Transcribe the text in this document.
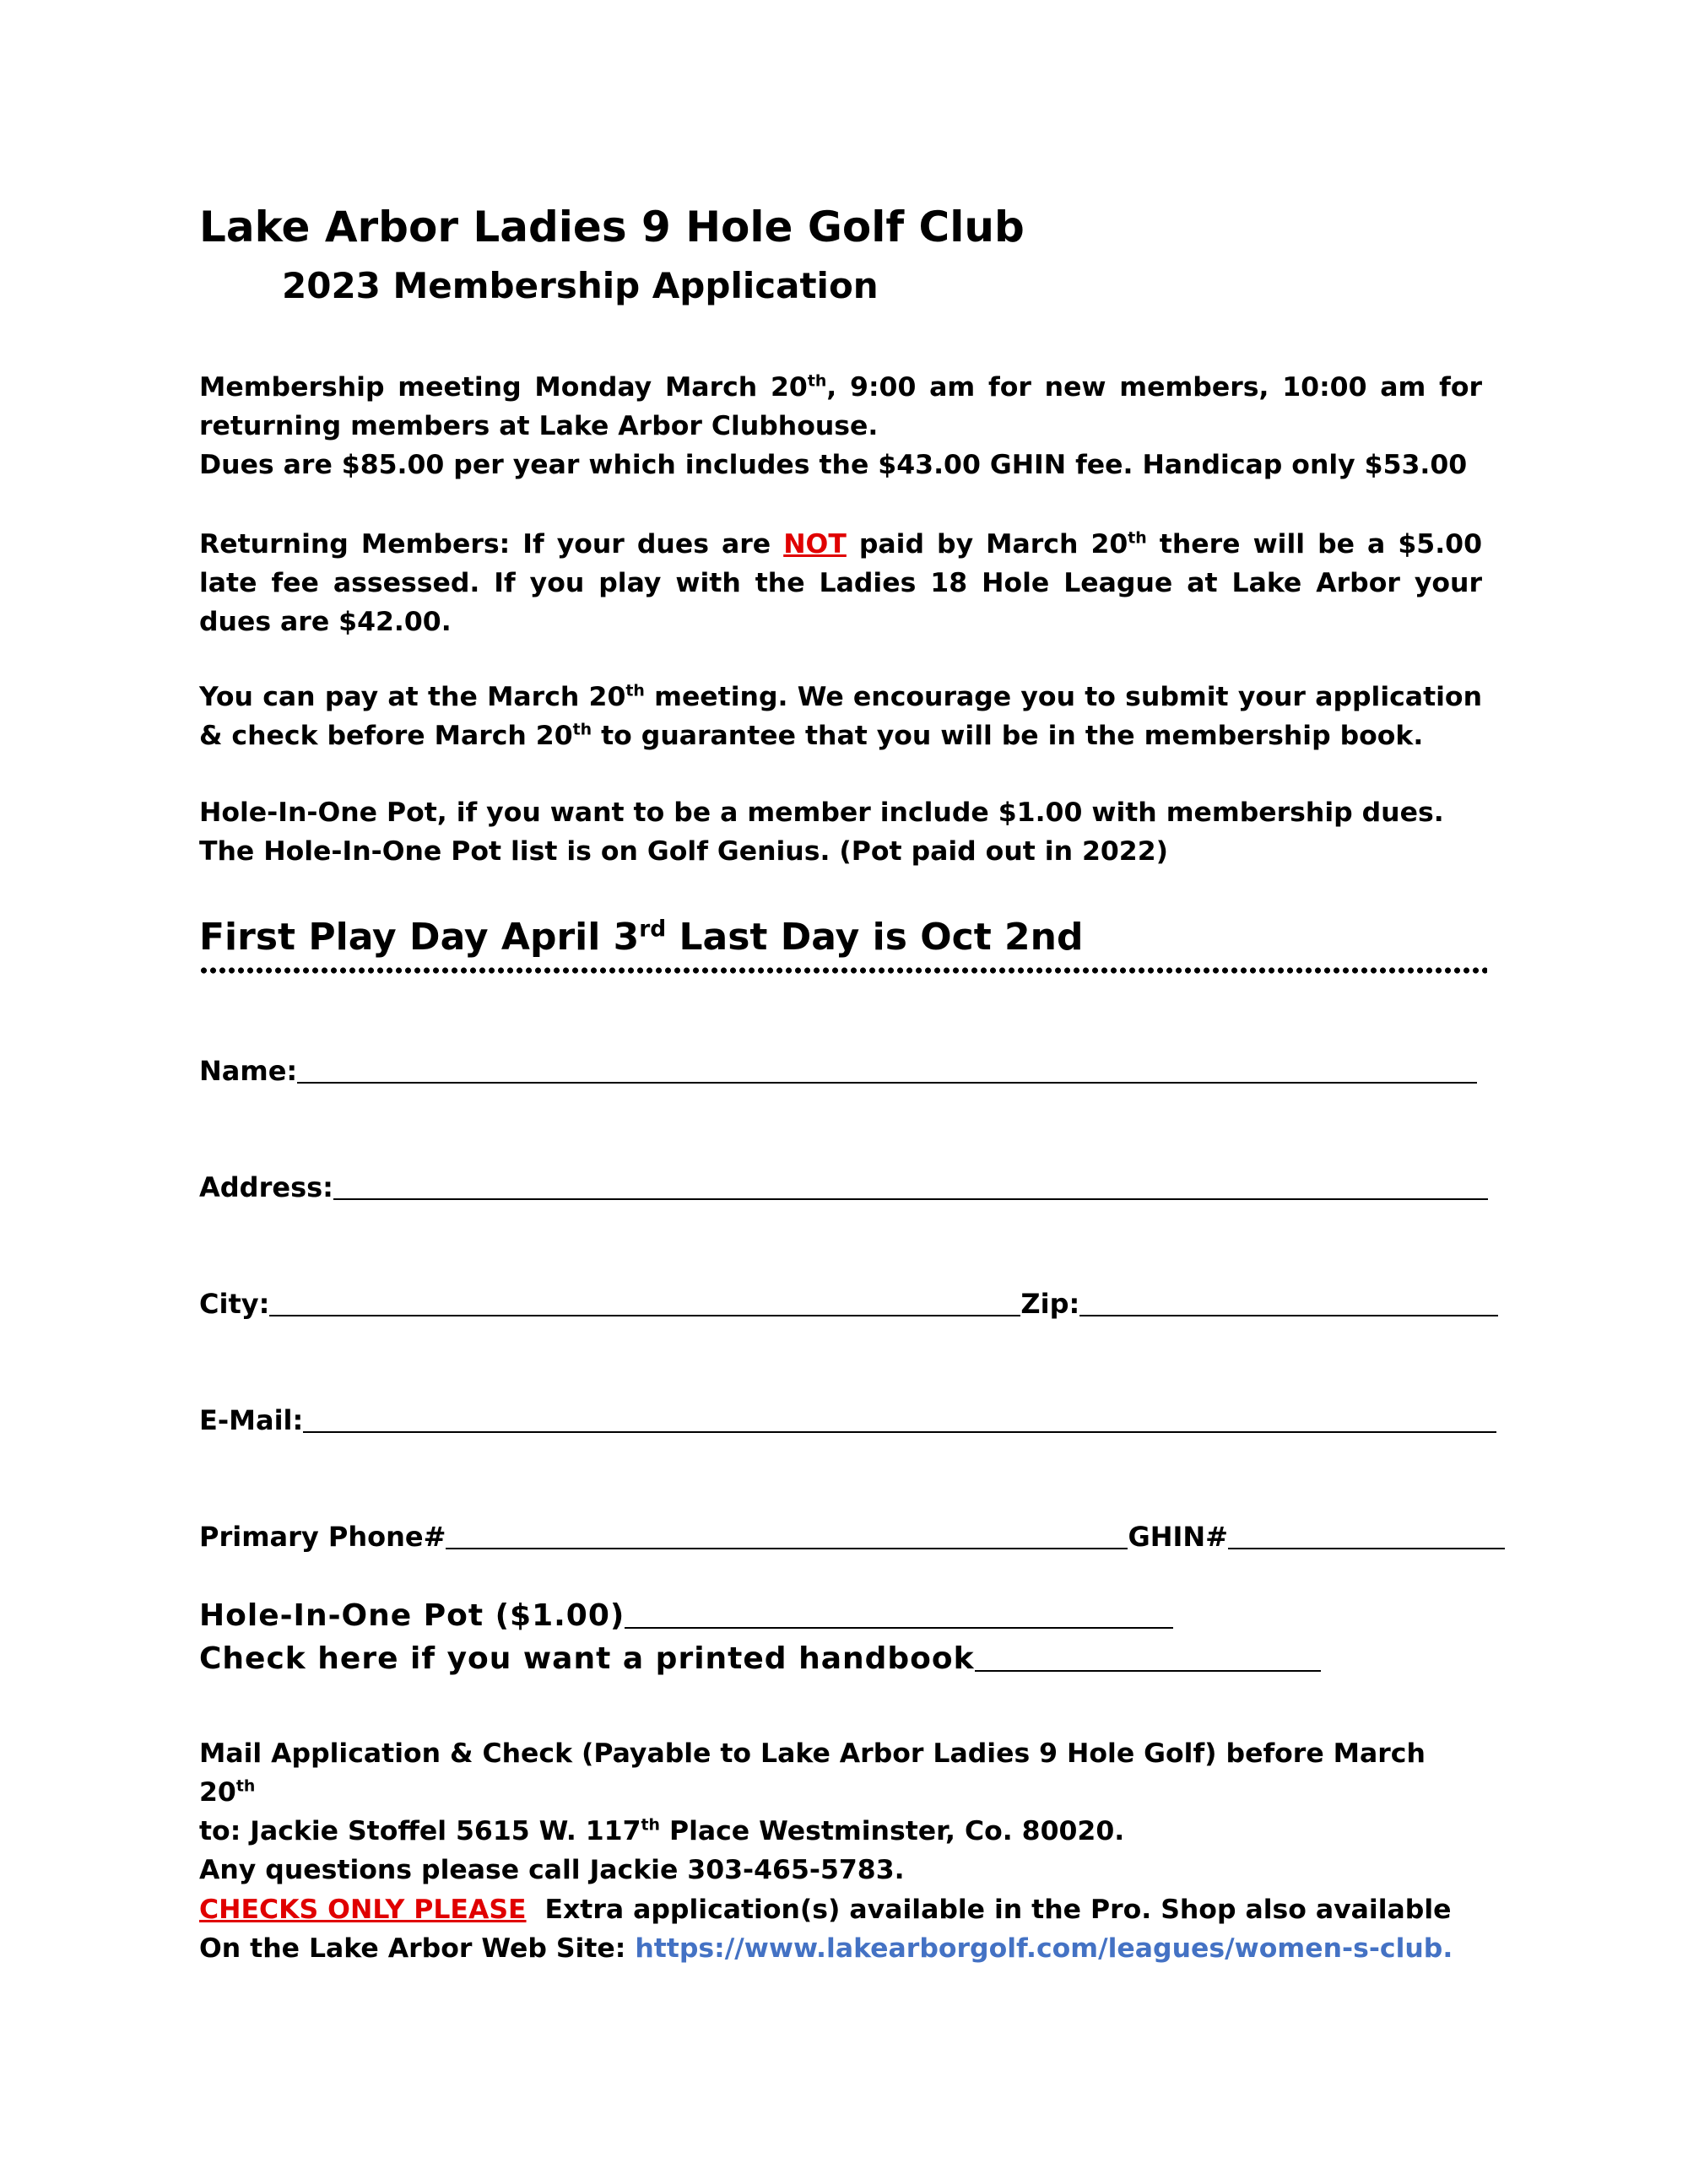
Lake Arbor Ladies 9 Hole Golf Club
2023 Membership Application

Membership meeting Monday March 20th, 9:00 am for new members, 10:00 am for returning members at Lake Arbor Clubhouse.

Dues are $85.00 per year which includes the $43.00 GHIN fee. Handicap only $53.00

Returning Members: If your dues are NOT paid by March 20th there will be a $5.00 late fee assessed. If you play with the Ladies 18 Hole League at Lake Arbor your dues are $42.00.

You can pay at the March 20th meeting. We encourage you to submit your application & check before March 20th to guarantee that you will be in the membership book.

Hole-In-One Pot, if you want to be a member include $1.00 with membership dues.

The Hole-In-One Pot list is on Golf Genius. (Pot paid out in 2022)

First Play Day April 3rd Last Day is Oct 2nd
Name:
Address:
City:	Zip:
E-Mail:
Primary Phone#	GHIN#
Hole-In-One Pot ($1.00)
Check here if you want a printed handbook

Mail Application & Check (Payable to Lake Arbor Ladies 9 Hole Golf) before March 20th

to: Jackie Stoffel 5615 W. 117th Place Westminster, Co. 80020.

Any questions please call Jackie 303-465-5783.

CHECKS ONLY PLEASE  Extra application(s) available in the Pro. Shop also available

On the Lake Arbor Web Site: https://www.lakearborgolf.com/leagues/women-s-club.
